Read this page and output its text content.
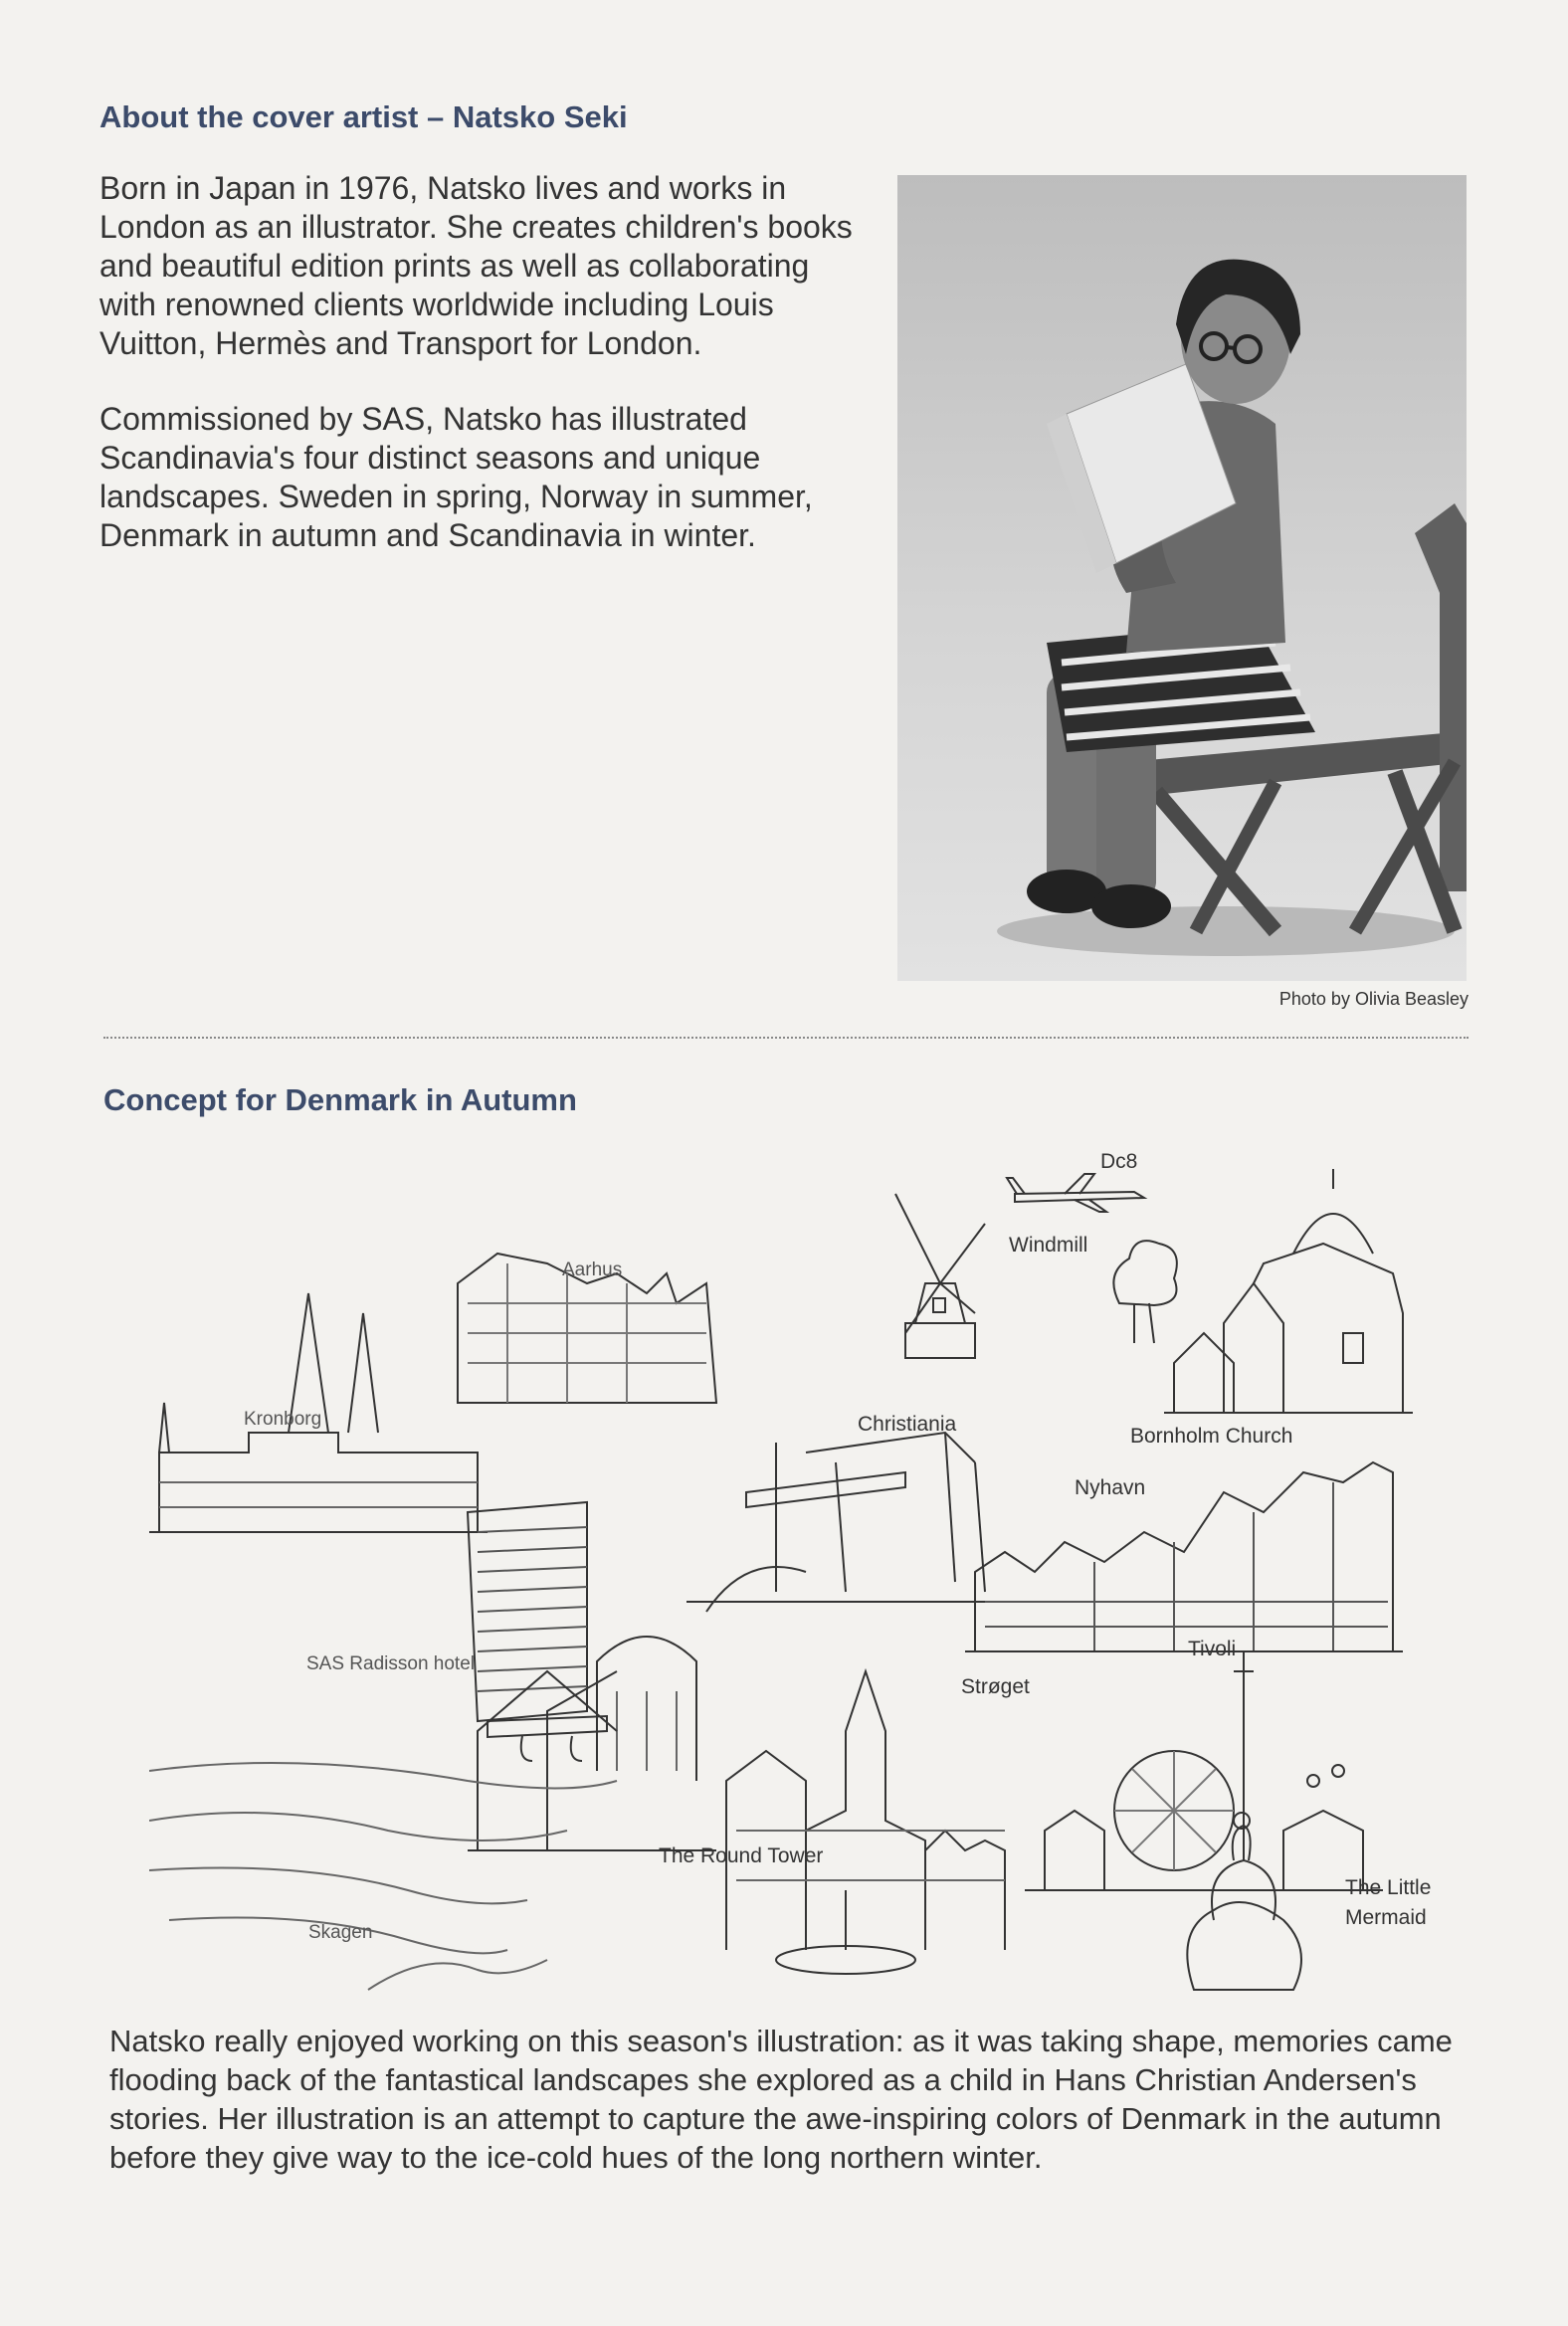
About the cover artist – Natsko Seki

Born in Japan in 1976, Natsko lives and works in London as an illustrator. She creates children's books and beautiful edition prints as well as collaborating with renowned clients worldwide including Louis Vuitton, Hermès and Transport for London.

Commissioned by SAS, Natsko has illustrated Scandinavia's four distinct seasons and unique landscapes. Sweden in spring, Norway in summer, Denmark in autumn and Scandinavia in winter.

Photo by Olivia Beasley
Concept for Denmark in Autumn
Dc8
Windmill
Aarhus
Kronborg	Christiania
Bornholm Church
Nyhavn
SAS Radisson hotel
Tivoli
Strøget
The Round Tower
The Little
Mermaid
Skagen

Natsko really enjoyed working on this season's illustration: as it was taking shape, memories came flooding back of the fantastical landscapes she explored as a child in Hans Christian Andersen's stories. Her illustration is an attempt to capture the awe-inspiring colors of Denmark in the autumn before they give way to the ice-cold hues of the long northern winter.
